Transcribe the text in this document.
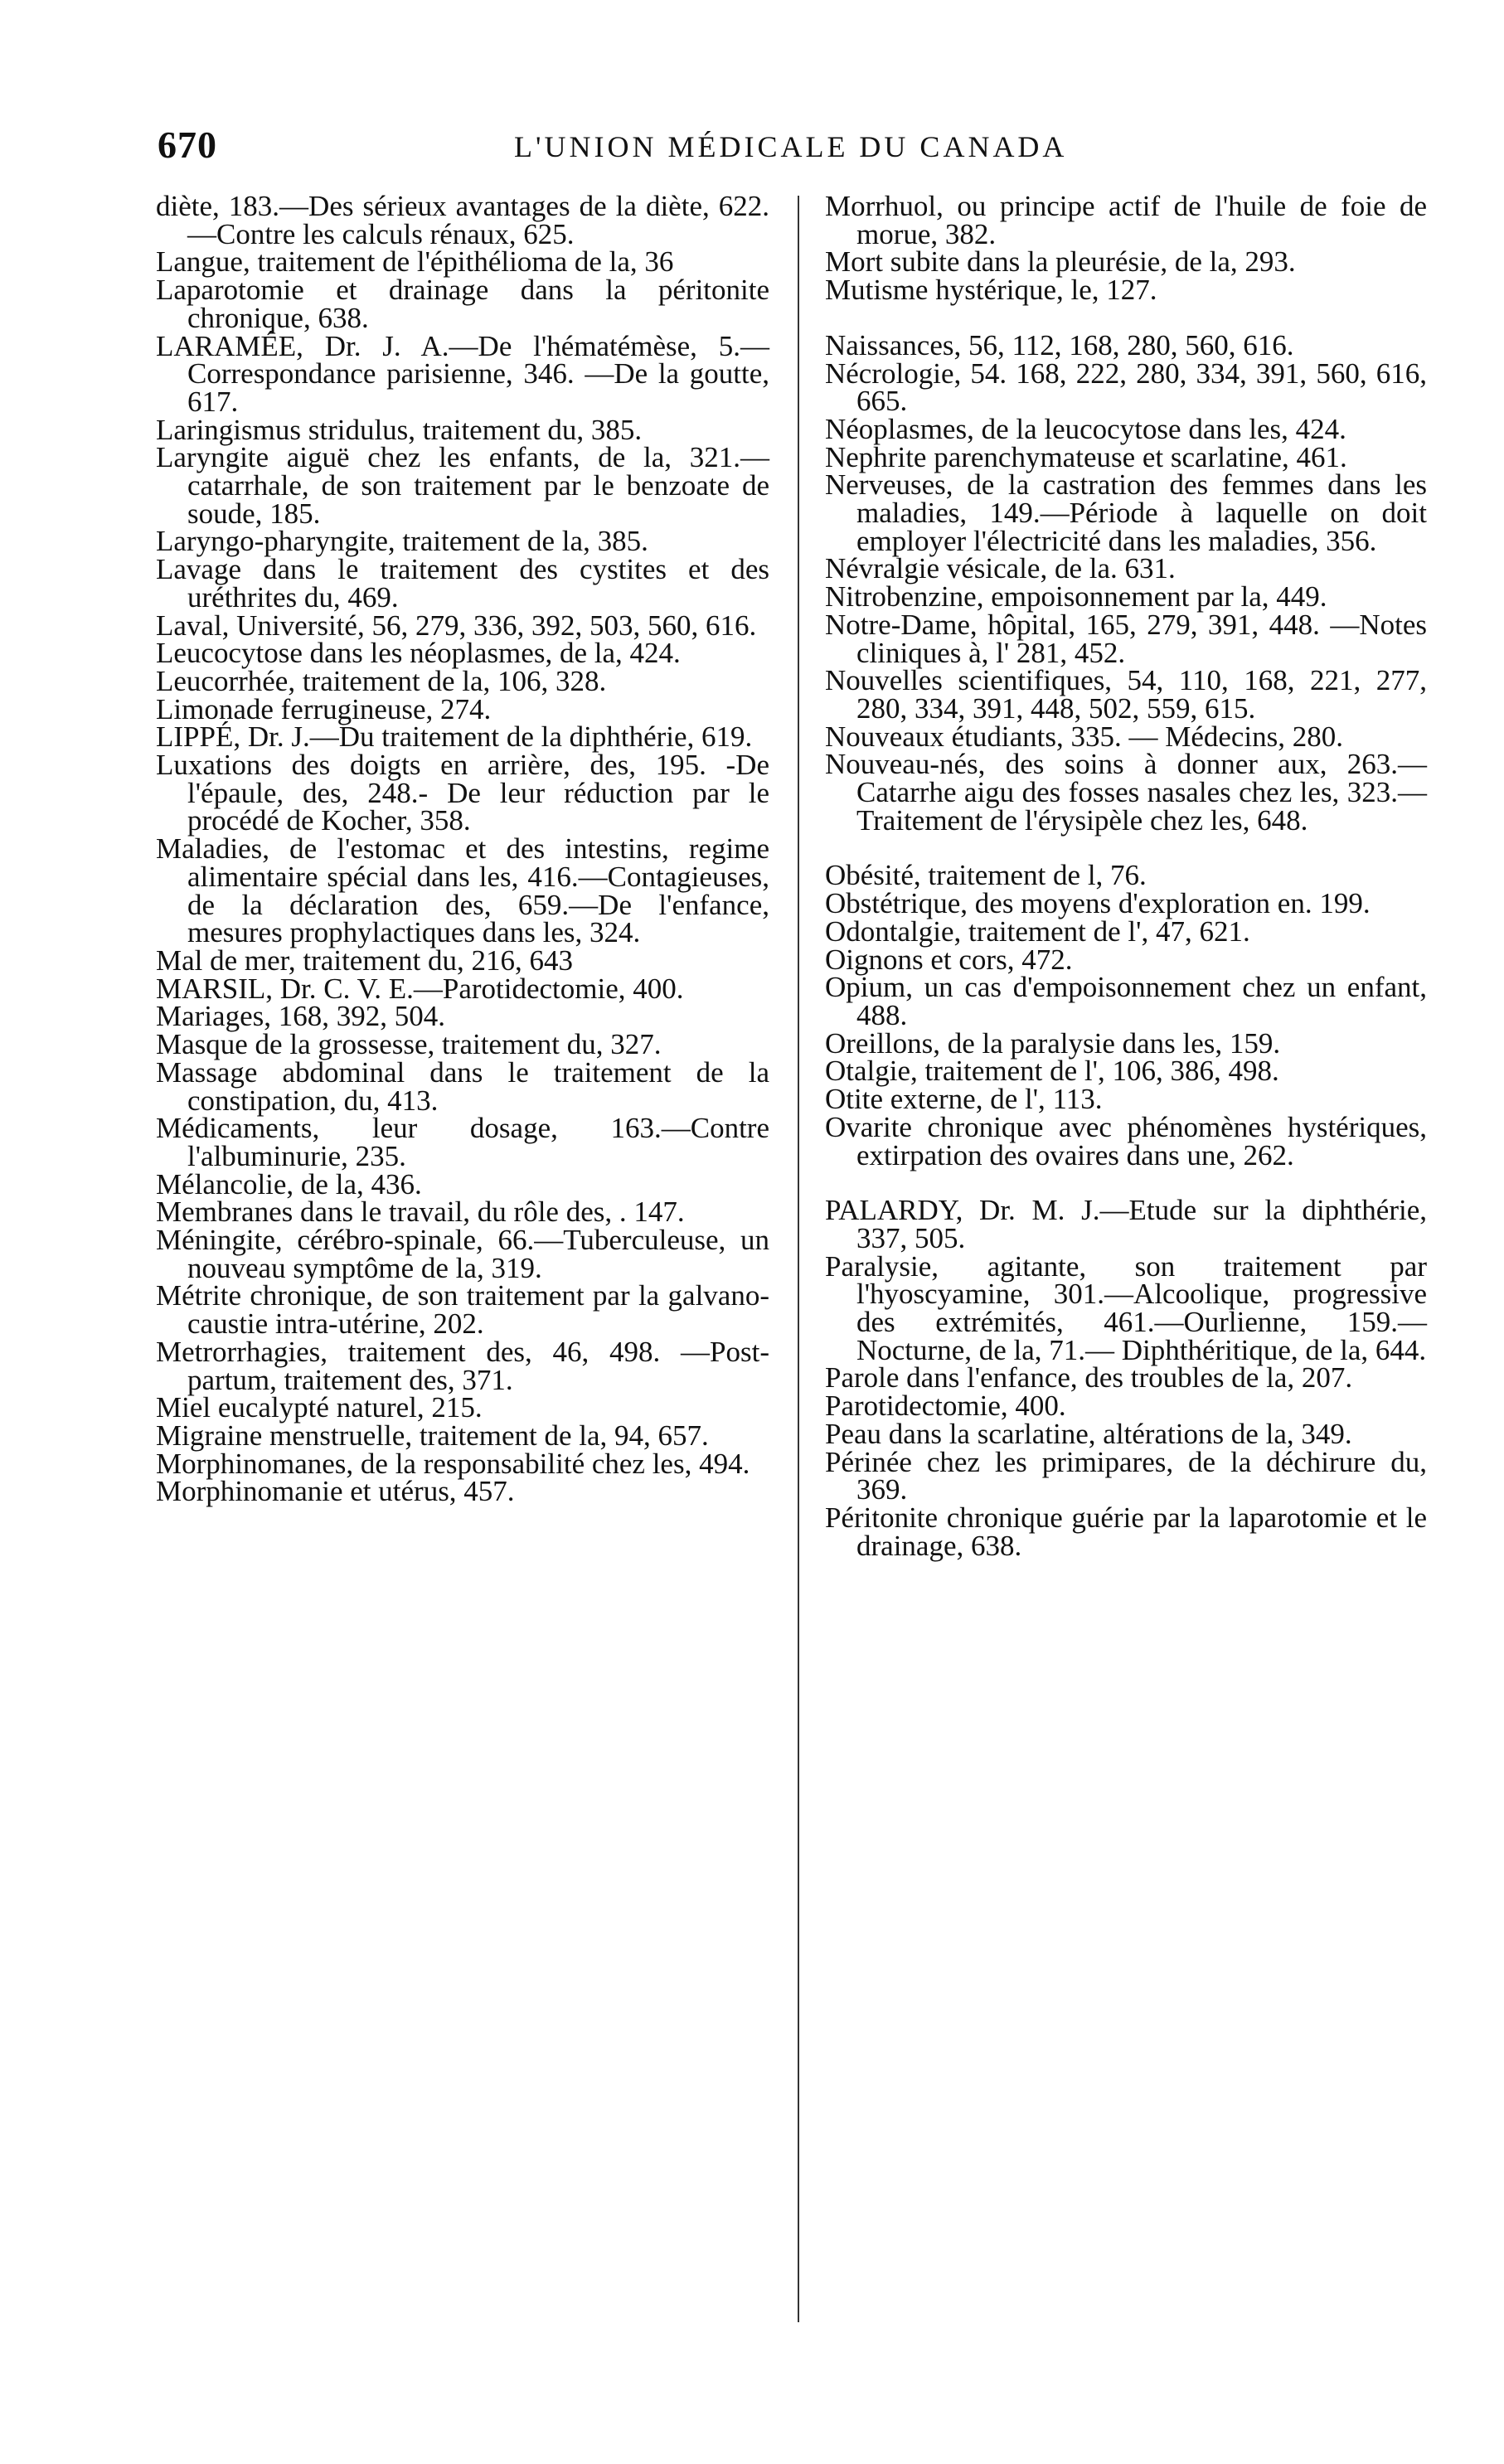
670	L'UNION MÉDICALE DU CANADA
diète, 183.—Des sérieux avantages de la diète, 622.—Contre les calculs rénaux, 625.
Langue, traitement de l'épithélioma de la, 36
Laparotomie et drainage dans la péritonite chronique, 638.
LARAMÉE, Dr. J. A.—De l'hématémèse, 5.—Correspondance parisienne, 346. —De la goutte, 617.
Laringismus stridulus, traitement du, 385.
Laryngite aiguë chez les enfants, de la, 321.—catarrhale, de son traitement par le benzoate de soude, 185.
Laryngo-pharyngite, traitement de la, 385.
Lavage dans le traitement des cystites et des uréthrites du, 469.
Laval, Université, 56, 279, 336, 392, 503, 560, 616.
Leucocytose dans les néoplasmes, de la, 424.
Leucorrhée, traitement de la, 106, 328.
Limonade ferrugineuse, 274.
LIPPÉ, Dr. J.—Du traitement de la diphthérie, 619.
Luxations des doigts en arrière, des, 195. -De l'épaule, des, 248.- De leur réduction par le procédé de Kocher, 358.
Maladies, de l'estomac et des intestins, regime alimentaire spécial dans les, 416.—Contagieuses, de la déclaration des, 659.—De l'enfance, mesures prophylactiques dans les, 324.
Mal de mer, traitement du, 216, 643
MARSIL, Dr. C. V. E.—Parotidectomie, 400.
Mariages, 168, 392, 504.
Masque de la grossesse, traitement du, 327.
Massage abdominal dans le traitement de la constipation, du, 413.
Médicaments, leur dosage, 163.—Contre l'albuminurie, 235.
Mélancolie, de la, 436.
Membranes dans le travail, du rôle des, . 147.
Méningite, cérébro-spinale, 66.—Tuberculeuse, un nouveau symptôme de la, 319.
Métrite chronique, de son traitement par la galvano-caustie intra-utérine, 202.
Metrorrhagies, traitement des, 46, 498. —Post-partum, traitement des, 371.
Miel eucalypté naturel, 215.
Migraine menstruelle, traitement de la, 94, 657.
Morphinomanes, de la responsabilité chez les, 494.
Morphinomanie et utérus, 457.
Morrhuol, ou principe actif de l'huile de foie de morue, 382.
Mort subite dans la pleurésie, de la, 293.
Mutisme hystérique, le, 127.
Naissances, 56, 112, 168, 280, 560, 616.
Nécrologie, 54. 168, 222, 280, 334, 391, 560, 616, 665.
Néoplasmes, de la leucocytose dans les, 424.
Nephrite parenchymateuse et scarlatine, 461.
Nerveuses, de la castration des femmes dans les maladies, 149.—Période à laquelle on doit employer l'électricité dans les maladies, 356.
Névralgie vésicale, de la. 631.
Nitrobenzine, empoisonnement par la, 449.
Notre-Dame, hôpital, 165, 279, 391, 448. —Notes cliniques à, l' 281, 452.
Nouvelles scientifiques, 54, 110, 168, 221, 277, 280, 334, 391, 448, 502, 559, 615.
Nouveaux étudiants, 335. — Médecins, 280.
Nouveau-nés, des soins à donner aux, 263.—Catarrhe aigu des fosses nasales chez les, 323.—Traitement de l'érysipèle chez les, 648.
Obésité, traitement de l, 76.
Obstétrique, des moyens d'exploration en. 199.
Odontalgie, traitement de l', 47, 621.
Oignons et cors, 472.
Opium, un cas d'empoisonnement chez un enfant, 488.
Oreillons, de la paralysie dans les, 159.
Otalgie, traitement de l', 106, 386, 498.
Otite externe, de l', 113.
Ovarite chronique avec phénomènes hystériques, extirpation des ovaires dans une, 262.
PALARDY, Dr. M. J.—Etude sur la diphthérie, 337, 505.
Paralysie, agitante, son traitement par l'hyoscyamine, 301.—Alcoolique, progressive des extrémités, 461.—Ourlienne, 159.—Nocturne, de la, 71.— Diphthéritique, de la, 644.
Parole dans l'enfance, des troubles de la, 207.
Parotidectomie, 400.
Peau dans la scarlatine, altérations de la, 349.
Périnée chez les primipares, de la déchirure du, 369.
Péritonite chronique guérie par la laparotomie et le drainage, 638.
